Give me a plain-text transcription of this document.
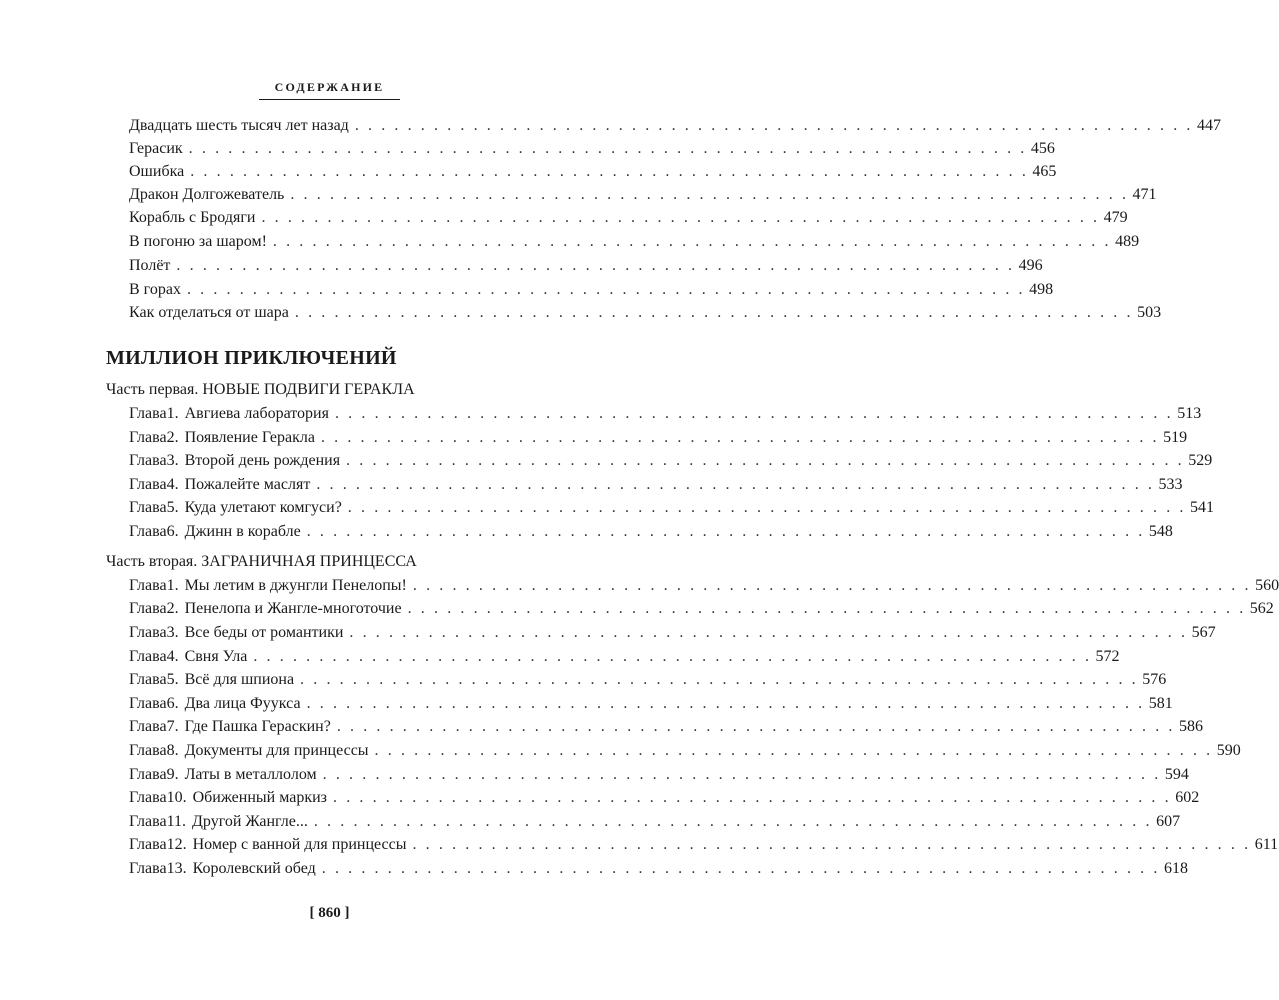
СОДЕРЖАНИЕ
Двадцать шесть тысяч лет назад . . . . . . . . . . . . . . . . . . . . . . . . . . . . . . . . . . . . . . . . . . . . . . . . . . . . . . . . . . . . . . . . 447
Герасик . . . . . . . . . . . . . . . . . . . . . . . . . . . . . . . . . . . . . . . . . . . . . . . . . . . . . . . . . . . . . . . . 456
Ошибка . . . . . . . . . . . . . . . . . . . . . . . . . . . . . . . . . . . . . . . . . . . . . . . . . . . . . . . . . . . . . . . . 465
Дракон Долгожеватель . . . . . . . . . . . . . . . . . . . . . . . . . . . . . . . . . . . . . . . . . . . . . . . . . . . . . . . . . . . . . . . . 471
Корабль с Бродяги . . . . . . . . . . . . . . . . . . . . . . . . . . . . . . . . . . . . . . . . . . . . . . . . . . . . . . . . . . . . . . . . 479
В погоню за шаром! . . . . . . . . . . . . . . . . . . . . . . . . . . . . . . . . . . . . . . . . . . . . . . . . . . . . . . . . . . . . . . . . 489
Полёт . . . . . . . . . . . . . . . . . . . . . . . . . . . . . . . . . . . . . . . . . . . . . . . . . . . . . . . . . . . . . . . . 496
В горах . . . . . . . . . . . . . . . . . . . . . . . . . . . . . . . . . . . . . . . . . . . . . . . . . . . . . . . . . . . . . . . . 498
Как отделаться от шара . . . . . . . . . . . . . . . . . . . . . . . . . . . . . . . . . . . . . . . . . . . . . . . . . . . . . . . . . . . . . . . . 503
МИЛЛИОН ПРИКЛЮЧЕНИЙ
Часть первая. НОВЫЕ ПОДВИГИ ГЕРАКЛА
Глава 1. Авгиева лаборатория . . . . . . . . . . . . . . . . . . . . . . . . . . . . . . . . . . . . . . . . . . . . . . . . . . . . . . . . . . . . . . . . 513
Глава 2. Появление Геракла . . . . . . . . . . . . . . . . . . . . . . . . . . . . . . . . . . . . . . . . . . . . . . . . . . . . . . . . . . . . . . . . 519
Глава 3. Второй день рождения . . . . . . . . . . . . . . . . . . . . . . . . . . . . . . . . . . . . . . . . . . . . . . . . . . . . . . . . . . . . . . . . 529
Глава 4. Пожалейте маслят . . . . . . . . . . . . . . . . . . . . . . . . . . . . . . . . . . . . . . . . . . . . . . . . . . . . . . . . . . . . . . . . 533
Глава 5. Куда улетают комгуси? . . . . . . . . . . . . . . . . . . . . . . . . . . . . . . . . . . . . . . . . . . . . . . . . . . . . . . . . . . . . . . . . 541
Глава 6. Джинн в корабле . . . . . . . . . . . . . . . . . . . . . . . . . . . . . . . . . . . . . . . . . . . . . . . . . . . . . . . . . . . . . . . . 548
Часть вторая. ЗАГРАНИЧНАЯ ПРИНЦЕССА
Глава 1. Мы летим в джунгли Пенелопы! . . . . . . . . . . . . . . . . . . . . . . . . . . . . . . . . . . . . . . . . . . . . . . . . . . . . . . . . . . . . . . . . 560
Глава 2. Пенелопа и Жангле-многоточие . . . . . . . . . . . . . . . . . . . . . . . . . . . . . . . . . . . . . . . . . . . . . . . . . . . . . . . . . . . . . . . . 562
Глава 3. Все беды от романтики . . . . . . . . . . . . . . . . . . . . . . . . . . . . . . . . . . . . . . . . . . . . . . . . . . . . . . . . . . . . . . . . 567
Глава 4. Свня Ула . . . . . . . . . . . . . . . . . . . . . . . . . . . . . . . . . . . . . . . . . . . . . . . . . . . . . . . . . . . . . . . . 572
Глава 5. Всё для шпиона . . . . . . . . . . . . . . . . . . . . . . . . . . . . . . . . . . . . . . . . . . . . . . . . . . . . . . . . . . . . . . . . 576
Глава 6. Два лица Фуукса . . . . . . . . . . . . . . . . . . . . . . . . . . . . . . . . . . . . . . . . . . . . . . . . . . . . . . . . . . . . . . . . 581
Глава 7. Где Пашка Гераскин? . . . . . . . . . . . . . . . . . . . . . . . . . . . . . . . . . . . . . . . . . . . . . . . . . . . . . . . . . . . . . . . . 586
Глава 8. Документы для принцессы . . . . . . . . . . . . . . . . . . . . . . . . . . . . . . . . . . . . . . . . . . . . . . . . . . . . . . . . . . . . . . . . 590
Глава 9. Латы в металлолом . . . . . . . . . . . . . . . . . . . . . . . . . . . . . . . . . . . . . . . . . . . . . . . . . . . . . . . . . . . . . . . . 594
Глава 10. Обиженный маркиз . . . . . . . . . . . . . . . . . . . . . . . . . . . . . . . . . . . . . . . . . . . . . . . . . . . . . . . . . . . . . . . . 602
Глава 11. Другой Жангле... . . . . . . . . . . . . . . . . . . . . . . . . . . . . . . . . . . . . . . . . . . . . . . . . . . . . . . . . . . . . . . . . 607
Глава 12. Номер с ванной для принцессы . . . . . . . . . . . . . . . . . . . . . . . . . . . . . . . . . . . . . . . . . . . . . . . . . . . . . . . . . . . . . . . . 611
Глава 13. Королевский обед . . . . . . . . . . . . . . . . . . . . . . . . . . . . . . . . . . . . . . . . . . . . . . . . . . . . . . . . . . . . . . . . 618
[ 860 ]
